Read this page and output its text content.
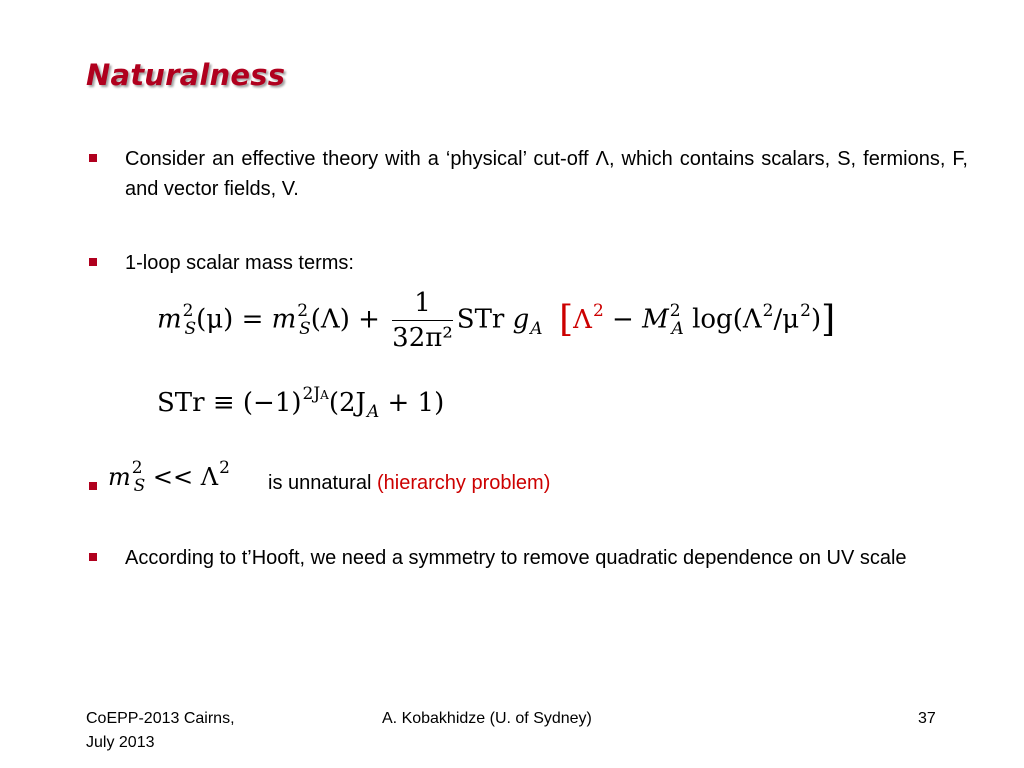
Naturalness
Consider an effective theory with a ‘physical’ cut-off Λ, which contains scalars, S, fermions, F, and vector fields, V.
1-loop scalar mass terms:
$m^2_S(\mu) = m^2_S(\Lambda) + \frac{1}{\text{32π²}}$ STr $g_A$ [$\Lambda^2 - M^2_A$ $\log(\Lambda^2/\mu^2)$]
STr ≡ $(-1)^{2JA}(2J_A + 1)$
$m^2_S << \Lambda^2$
is unnatural (hierarchy problem)
According to t’Hooft, we need a symmetry to remove quadratic dependence on UV scale
CoEPP-2013 Cairns,
July 2013
A. Kobakhidze (U. of Sydney)	37
